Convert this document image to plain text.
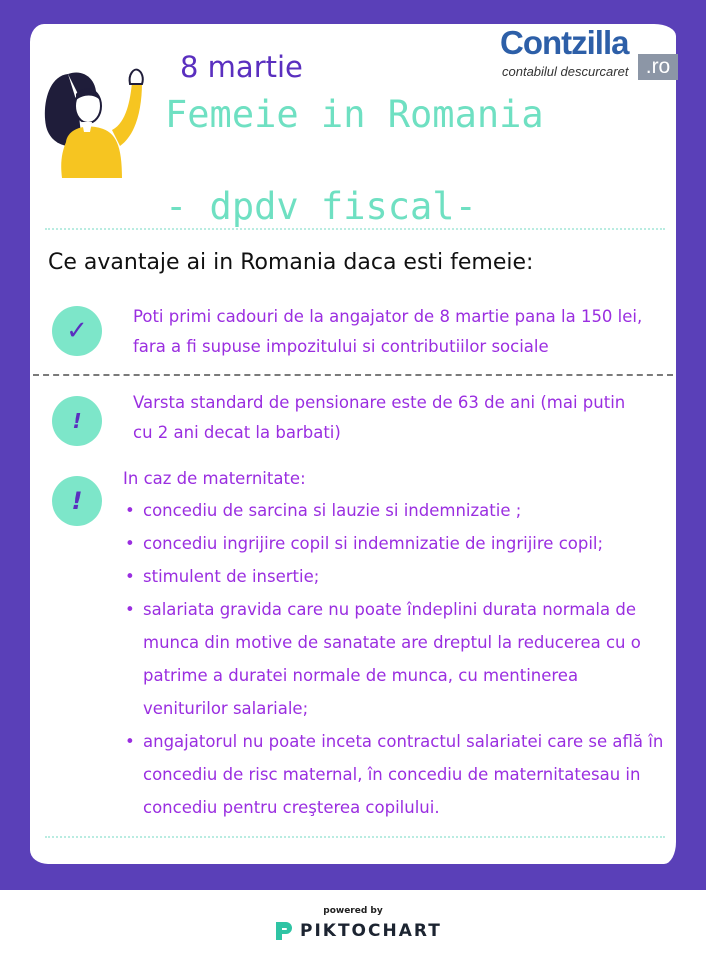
8 martie
Femeie in Romania
- dpdv fiscal-
Contzilla
.ro
contabilul descurcaret
Ce avantaje ai in Romania daca esti femeie:
✓	Poti primi cadouri de la angajator de 8 martie pana la 150 lei, fara a fi supuse impozitului si contributiilor sociale
!
Varsta standard de pensionare este de 63 de ani (mai putin cu 2 ani decat la barbati)
!
In caz de maternitate:
• concediu de sarcina si lauzie si indemnizatie ;
• concediu ingrijire copil si indemnizatie de ingrijire copil;
• stimulent de insertie;
• salariata gravida care nu poate îndeplini durata normala de munca din motive de sanatate are dreptul la reducerea cu o patrime a duratei normale de munca, cu mentinerea veniturilor salariale;
• angajatorul nu poate inceta contractul salariatei care se află în concediu de risc maternal, în concediu de maternitatesau in concediu pentru creşterea copilului.
powered by
PIKTOCHART
